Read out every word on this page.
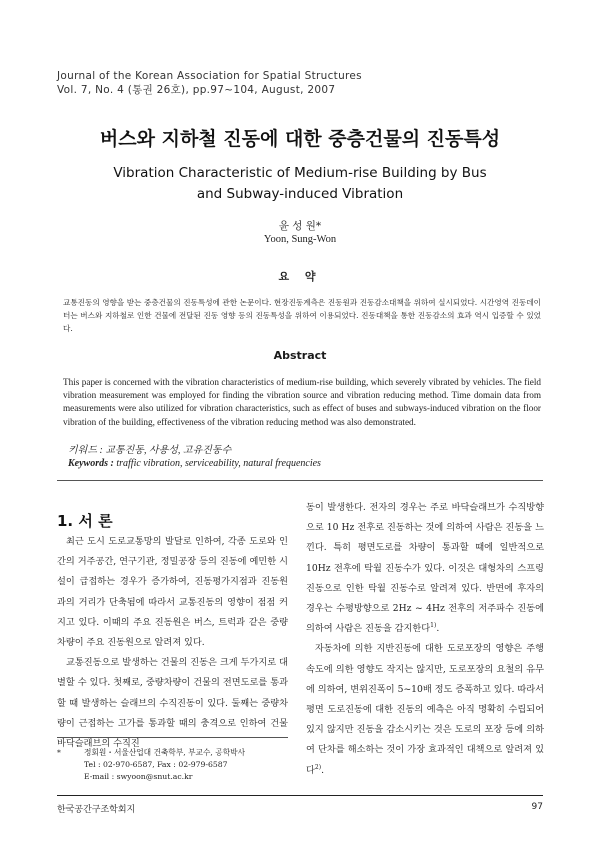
Journal of the Korean Association for Spatial Structures
Vol. 7, No. 4 (통권 26호), pp.97~104, August, 2007
버스와 지하철 진동에 대한 중층건물의 진동특성
Vibration Characteristic of Medium-rise Building by Bus
and Subway-induced Vibration
윤 성 원*
Yoon, Sung-Won
요 약
교통진동의 영향을 받는 중층건물의 진동특성에 관한 논문이다. 현장진동계측은 진동원과 진동감소대책을 위하여 실시되었다. 시간영역 진동데이터는 버스와 지하철로 인한 건물에 전달된 진동 영향 등의 진동특성을 위하여 이용되었다. 진동대책을 통한 진동감소의 효과 역시 입증할 수 있었다.
Abstract
This paper is concerned with the vibration characteristics of medium-rise building, which severely vibrated by vehicles. The field vibration measurement was employed for finding the vibration source and vibration reducing method. Time domain data from measurements were also utilized for vibration characteristics, such as effect of buses and subways-induced vibration on the floor vibration of the building, effectiveness of the vibration reducing method was also demonstrated.
키워드 : 교통진동, 사용성, 고유진동수
Keywords : traffic vibration, serviceability, natural frequencies
1. 서 론

최근 도시 도로교통망의 발달로 인하여, 각종 도로와 인간의 거주공간, 연구기관, 정밀공장 등의 진동에 예민한 시설이 급접하는 경우가 증가하여, 진동평가지점과 진동원 과의 거리가 단축됨에 따라서 교통진동의 영향이 점점 커지고 있다. 이때의 주요 진동원은 버스, 트럭과 같은 중량차량이 주요 진동원으로 알려져 있다.

교통진동으로 발생하는 건물의 진동은 크게 두가지로 대별할 수 있다. 첫째로, 중량차량이 건물의 전면도로를 통과할 때 발생하는 슬래브의 수직진동이 있다. 둘째는 중량차량이 근접하는 고가를 통과할 때의 충격으로 인하여 건물바닥슬래브의 수직진

동이 발생한다. 전자의 경우는 주로 바닥슬래브가 수직방향으로 10 Hz 전후로 진동하는 것에 의하여 사람은 진동을 느낀다. 특히 평면도로를 차량이 통과할 때에 일반적으로 10Hz 전후에 탁월 진동수가 있다. 이것은 대형차의 스프링진동으로 인한 탁월 진동수로 알려져 있다. 반면에 후자의 경우는 수평방향으로 2Hz ~ 4Hz 전후의 저주파수 진동에 의하여 사람은 진동을 감지한다$^{1)}$.

자동차에 의한 지반진동에 대한 도로포장의 영향은 주행속도에 의한 영향도 작지는 않지만, 도로포장의 요철의 유무에 의하여, 변위진폭이 5~10배 정도 증폭하고 있다. 따라서 평면 도로진동에 대한 진동의 예측은 아직 명확히 수립되어 있지 않지만 진동을 감소시키는 것은 도로의 포장 등에 의하여 단차를 해소하는 것이 가장 효과적인 대책으로 알려져 있다$^{2)}$.

*	정회원・서울산업대 건축학부, 부교수, 공학박사
Tel : 02-970-6587, Fax : 02-979-6587
E-mail : swyoon@snut.ac.kr
한국공간구조학회지	97
